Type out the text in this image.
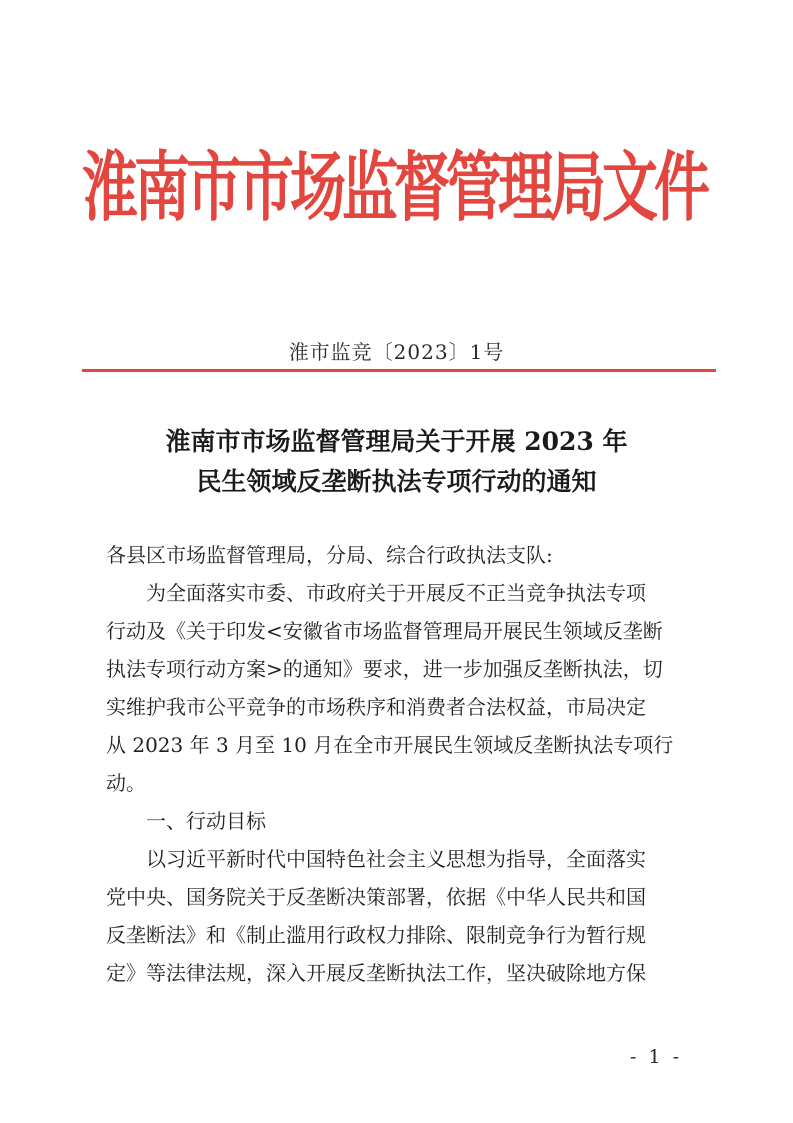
淮南市市场监督管理局文件
淮市监竞〔2023〕1号
淮南市市场监督管理局关于开展 2023 年
民生领域反垄断执法专项行动的通知
各县区市场监督管理局，分局、综合行政执法支队:
为全面落实市委、市政府关于开展反不正当竞争执法专项
行动及《关于印发<安徽省市场监督管理局开展民生领域反垄断
执法专项行动方案>的通知》要求，进一步加强反垄断执法，切
实维护我市公平竞争的市场秩序和消费者合法权益，市局决定
从 2023 年 3 月至 10 月在全市开展民生领域反垄断执法专项行
动。
一、行动目标
以习近平新时代中国特色社会主义思想为指导，全面落实
党中央、国务院关于反垄断决策部署，依据《中华人民共和国
反垄断法》和《制止滥用行政权力排除、限制竞争行为暂行规
定》等法律法规，深入开展反垄断执法工作，坚决破除地方保
- 1 -
